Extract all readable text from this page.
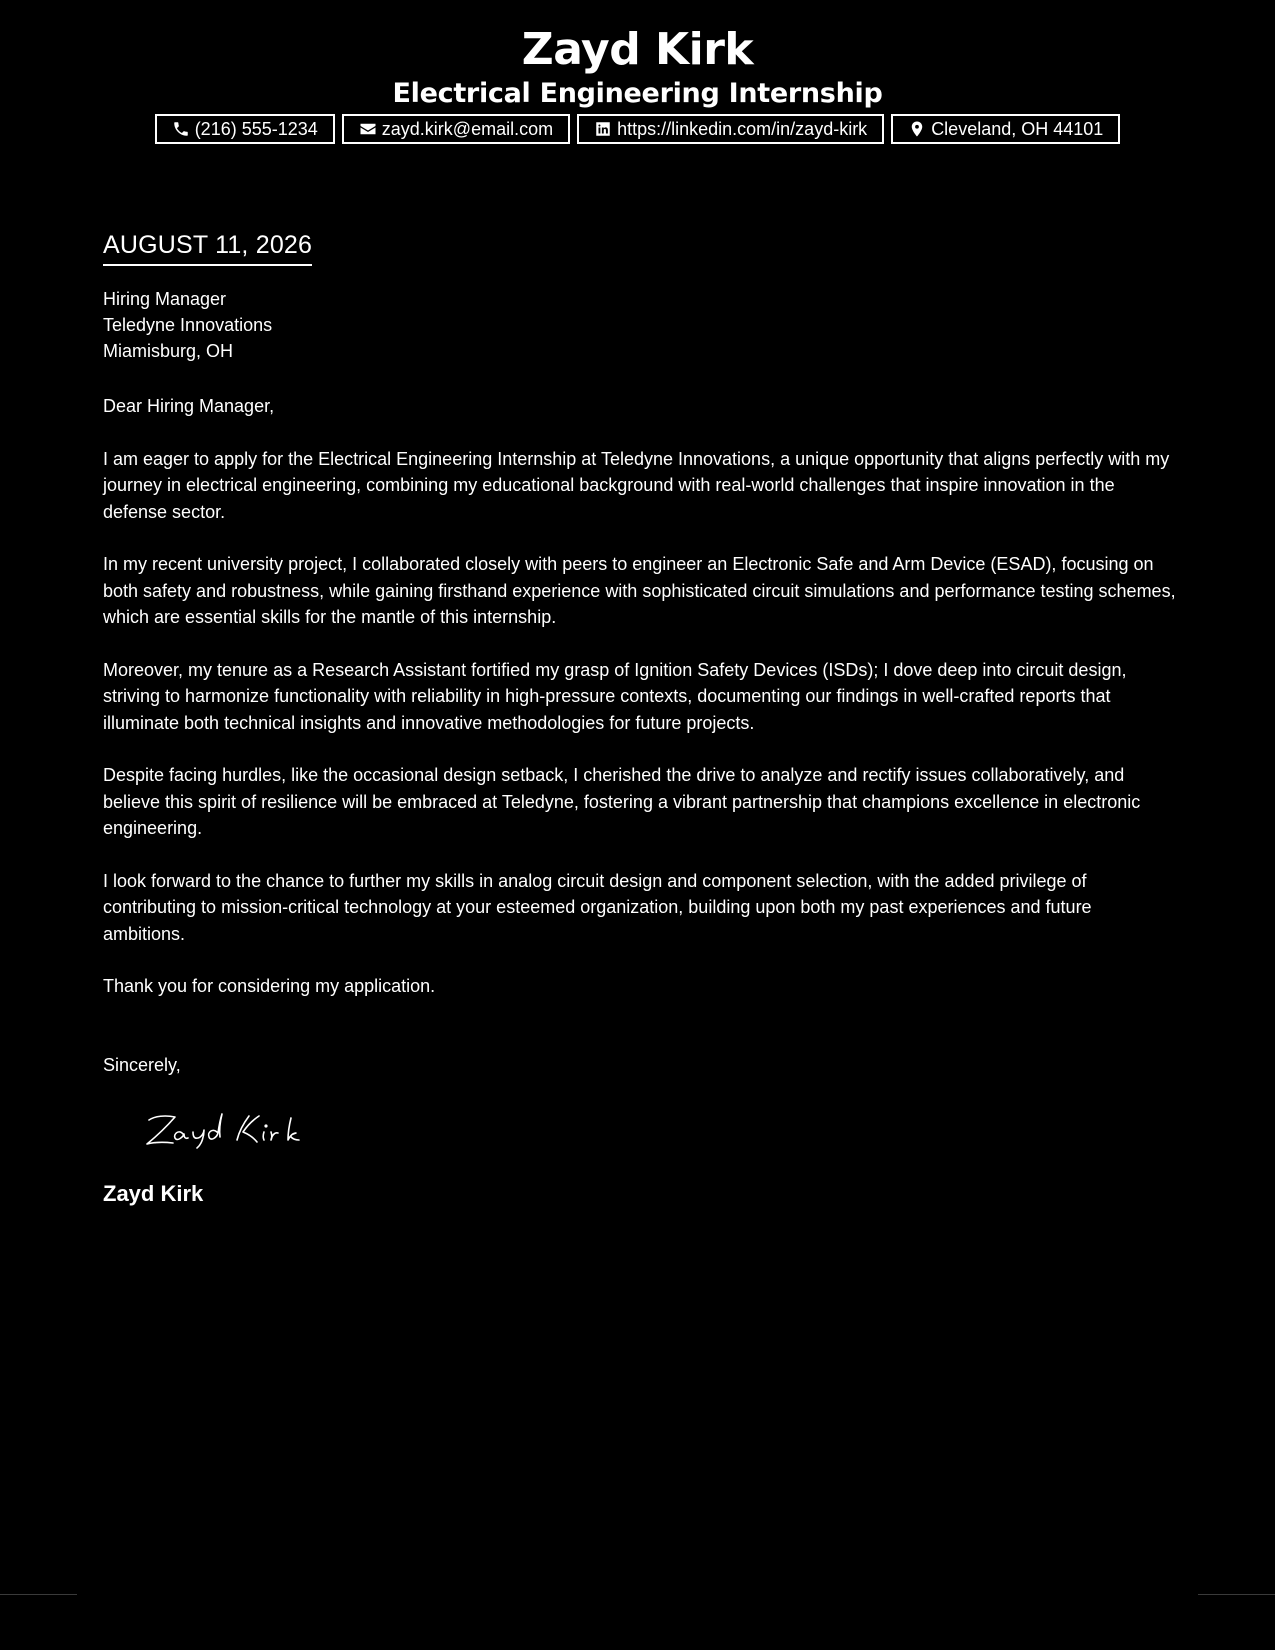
Zayd Kirk
Electrical Engineering Internship
(216) 555-1234	zayd.kirk@email.com	https://linkedin.com/in/zayd-kirk	Cleveland, OH 44101
AUGUST 11, 2026
Hiring Manager
Teledyne Innovations
Miamisburg, OH
Dear Hiring Manager,
I am eager to apply for the Electrical Engineering Internship at Teledyne Innovations, a unique opportunity that aligns perfectly with my journey in electrical engineering, combining my educational background with real-world challenges that inspire innovation in the defense sector.
In my recent university project, I collaborated closely with peers to engineer an Electronic Safe and Arm Device (ESAD), focusing on both safety and robustness, while gaining firsthand experience with sophisticated circuit simulations and performance testing schemes, which are essential skills for the mantle of this internship.
Moreover, my tenure as a Research Assistant fortified my grasp of Ignition Safety Devices (ISDs); I dove deep into circuit design, striving to harmonize functionality with reliability in high-pressure contexts, documenting our findings in well-crafted reports that illuminate both technical insights and innovative methodologies for future projects.
Despite facing hurdles, like the occasional design setback, I cherished the drive to analyze and rectify issues collaboratively, and believe this spirit of resilience will be embraced at Teledyne, fostering a vibrant partnership that champions excellence in electronic engineering.
I look forward to the chance to further my skills in analog circuit design and component selection, with the added privilege of contributing to mission-critical technology at your esteemed organization, building upon both my past experiences and future ambitions.
Thank you for considering my application.
Sincerely,
Zayd Kirk
